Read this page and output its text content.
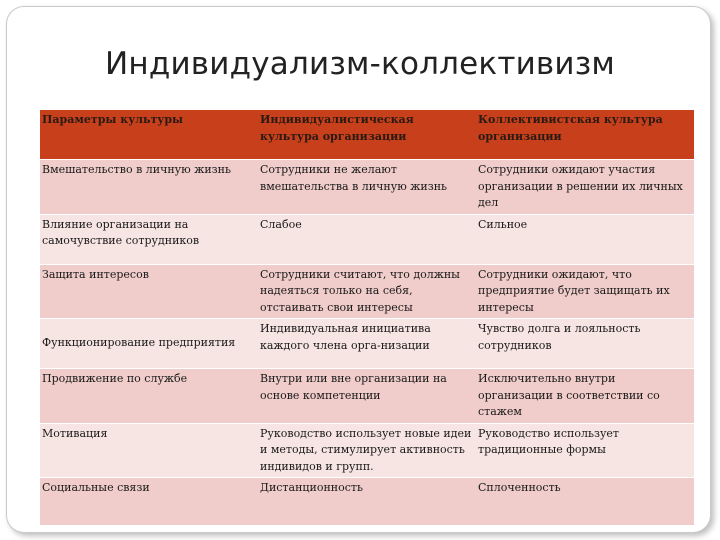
Индивидуализм-коллективизм
Параметры культуры	Индивидуалистическая культура организации	Коллективистская культура организации
Вмешательство в личную жизнь	Сотрудники не желают вмешательства в личную жизнь	Сотрудники ожидают участия организации в решении их личных дел
Влияние организации на самочувствие сотрудников	Слабое	Сильное
Защита интересов	Сотрудники считают, что должны надеяться только на себя, отстаивать свои интересы	Сотрудники ожидают, что предприятие будет защищать их интересы
Функционирование предприятия	Индивидуальная инициатива каждого члена орга-низации	Чувство долга и лояльность сотрудников
Продвижение по службе	Внутри или вне организации на основе компетенции	Исключительно внутри организации в соответствии со стажем
Мотивация	Руководство использует новые идеи и методы, стимулирует активность индивидов и групп.	Руководство использует традиционные формы
Социальные связи	Дистанционность	Сплоченность
